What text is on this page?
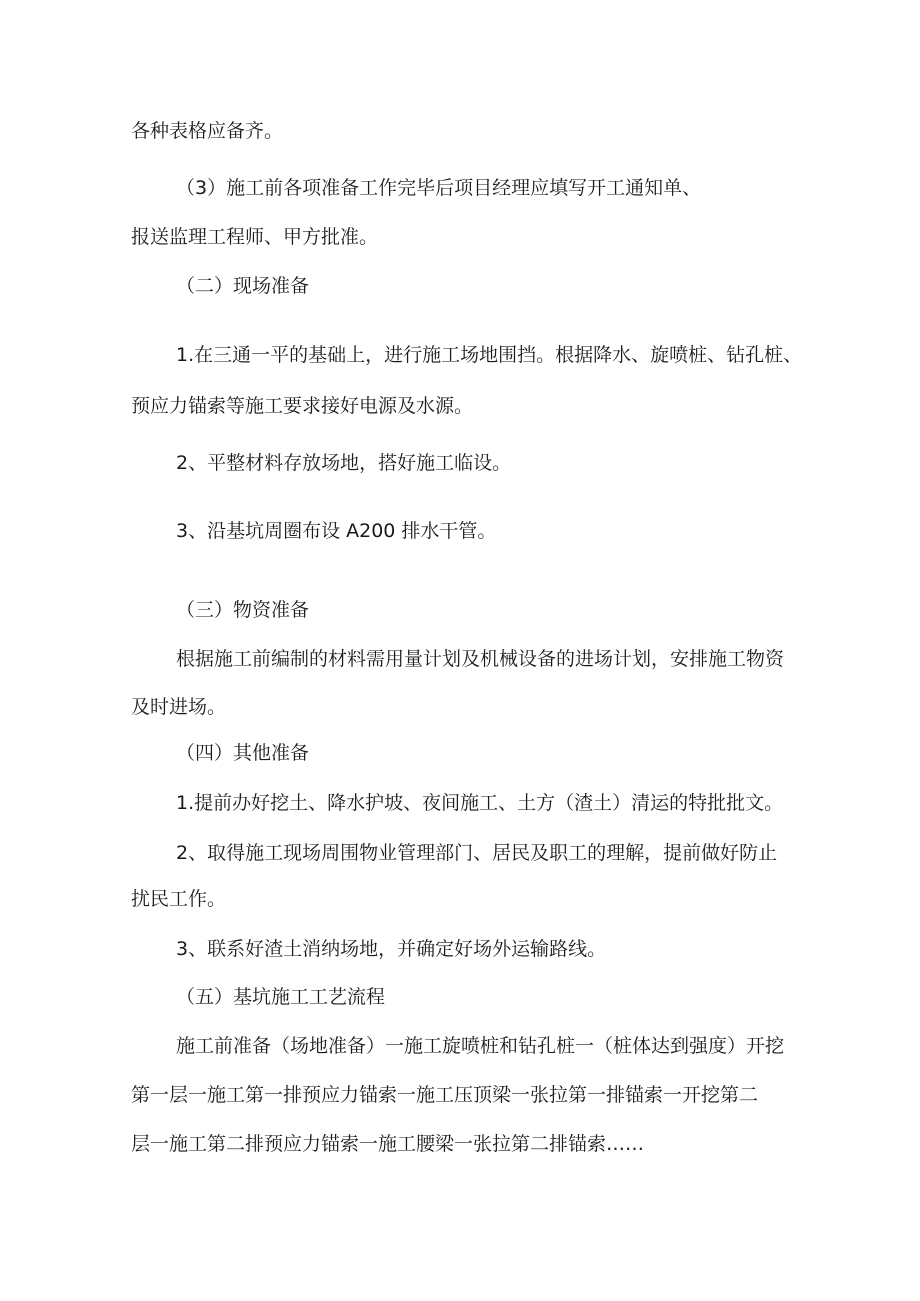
各种表格应备齐。

（3）施工前各项准备工作完毕后项目经理应填写开工通知单、

报送监理工程师、甲方批准。

（二）现场准备

1.在三通一平的基础上，进行施工场地围挡。根据降水、旋喷桩、钻孔桩、

预应力锚索等施工要求接好电源及水源。

2、平整材料存放场地，搭好施工临设。

3、沿基坑周圈布设 A200 排水干管。

（三）物资准备

根据施工前编制的材料需用量计划及机械设备的进场计划，安排施工物资

及时进场。

（四）其他准备

1.提前办好挖土、降水护坡、夜间施工、土方（渣土）清运的特批批文。

2、取得施工现场周围物业管理部门、居民及职工的理解，提前做好防止

扰民工作。

3、联系好渣土消纳场地，并确定好场外运输路线。

（五）基坑施工工艺流程

施工前准备（场地准备）一施工旋喷桩和钻孔桩一（桩体达到强度）开挖

第一层一施工第一排预应力锚索一施工压顶梁一张拉第一排锚索一开挖第二

层一施工第二排预应力锚索一施工腰梁一张拉第二排锚索……
